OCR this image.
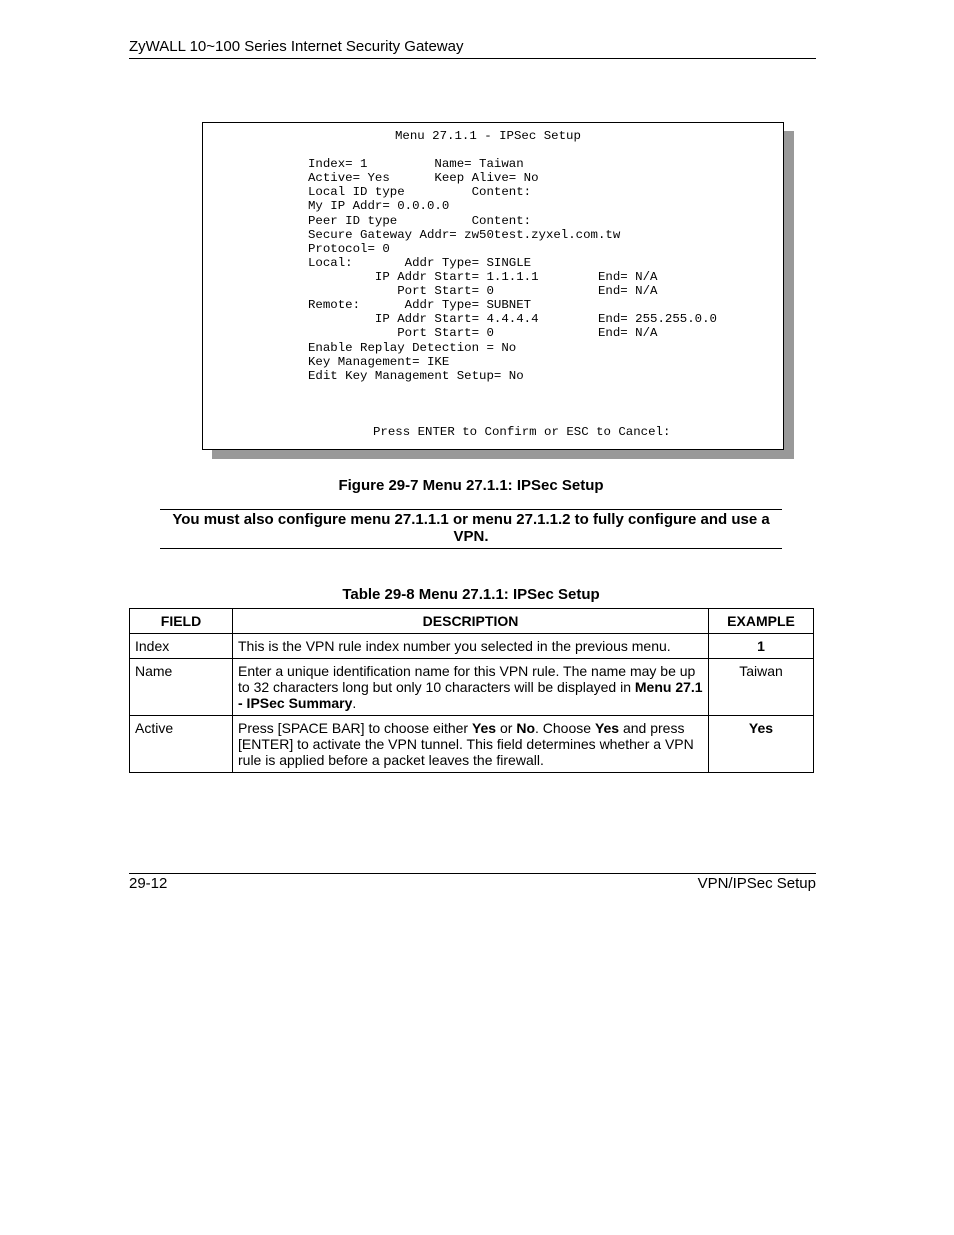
ZyWALL 10~100 Series Internet Security Gateway
Menu 27.1.1 - IPSec Setup
Index= 1         Name= Taiwan
Active= Yes      Keep Alive= No
Local ID type         Content:
My IP Addr= 0.0.0.0
Peer ID type          Content:
Secure Gateway Addr= zw50test.zyxel.com.tw
Protocol= 0
Local:       Addr Type= SINGLE
IP Addr Start= 1.1.1.1        End= N/A
Port Start= 0              End= N/A
Remote:      Addr Type= SUBNET
IP Addr Start= 4.4.4.4        End= 255.255.0.0
Port Start= 0              End= N/A
Enable Replay Detection = No
Key Management= IKE
Edit Key Management Setup= No
Press ENTER to Confirm or ESC to Cancel:
Figure 29-7 Menu 27.1.1: IPSec Setup
You must also configure menu 27.1.1.1 or menu 27.1.1.2 to fully configure and use a VPN.
Table 29-8 Menu 27.1.1: IPSec Setup
FIELD	DESCRIPTION	EXAMPLE
Index	This is the VPN rule index number you selected in the previous menu.	1
Name	Enter a unique identification name for this VPN rule. The name may be up to 32 characters long but only 10 characters will be displayed in Menu 27.1 - IPSec Summary.	Taiwan
Active	Press [SPACE BAR] to choose either Yes or No. Choose Yes and press [ENTER] to activate the VPN tunnel. This field determines whether a VPN rule is applied before a packet leaves the firewall.	Yes
29-12	VPN/IPSec Setup
